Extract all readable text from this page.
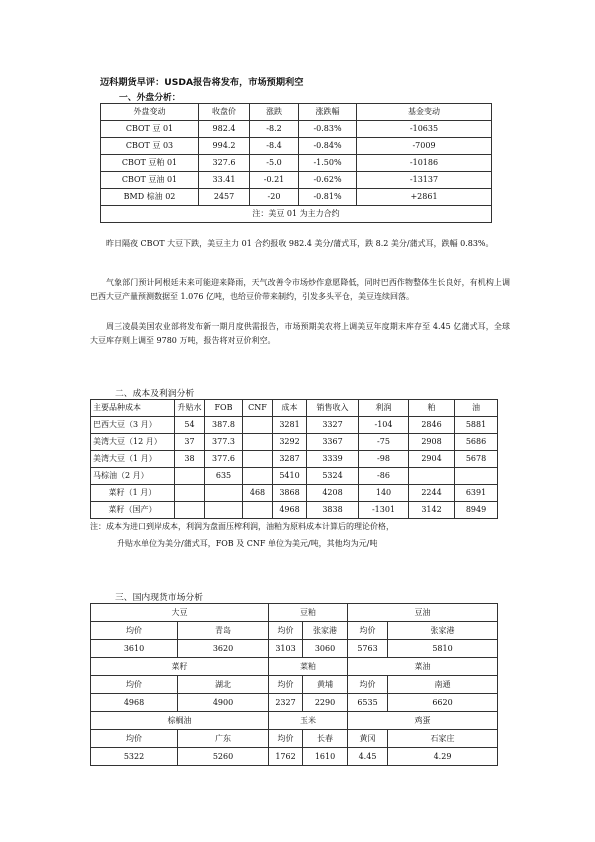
迈科期货早评：USDA报告将发布，市场预期利空
一、外盘分析：
外盘变动	收盘价	涨跌	涨跌幅	基金变动
CBOT 豆 01	982.4	-8.2	-0.83%	-10635
CBOT 豆 03	994.2	-8.4	-0.84%	-7009
CBOT 豆粕 01	327.6	-5.0	-1.50%	-10186
CBOT 豆油 01	33.41	-0.21	-0.62%	-13137
BMD 棕油 02	2457	-20	-0.81%	+2861
注：美豆 01 为主力合约				
昨日隔夜 CBOT 大豆下跌，美豆主力 01 合约报收 982.4 美分/蒲式耳，跌 8.2 美分/蒲式耳，跌幅 0.83%。
气象部门预计阿根廷未来可能迎来降雨，天气改善令市场炒作意愿降低，同时巴西作物整体生长良好，有机构上调巴西大豆产量预测数据至 1.076 亿吨，也给豆价带来制约，引发多头平仓，美豆连续回落。
周三凌晨美国农业部将发布新一期月度供需报告，市场预期美农将上调美豆年度期末库存至 4.45 亿蒲式耳，全球大豆库存则上调至 9780 万吨，报告将对豆价利空。
二、成本及利润分析
主要品种成本	升贴水	FOB	CNF	成本	销售收入	利润	粕	油
巴西大豆（3 月）	54	387.8		3281	3327	-104	2846	5881
美湾大豆（12 月）	37	377.3		3292	3367	-75	2908	5686
美湾大豆（1 月）	38	377.6		3287	3339	-98	2904	5678
马棕油（2 月）		635		5410	5324	-86		
菜籽（1 月）			468	3868	4208	140	2244	6391
菜籽（国产）				4968	3838	-1301	3142	8949
注：成本为进口到岸成本，利润为盘面压榨利润，油粕为原料成本计算后的理论价格，
升贴水单位为美分/蒲式耳，FOB 及 CNF 单位为美元/吨，其他均为元/吨
三、国内现货市场分析
大豆		豆粕		豆油	
均价	青岛	均价	张家港	均价	张家港
3610	3620	3103	3060	5763	5810
菜籽		菜粕		菜油	
均价	湖北	均价	黄埔	均价	南通
4968	4900	2327	2290	6535	6620
棕榈油		玉米		鸡蛋	
均价	广东	均价	长春	黄冈	石家庄
5322	5260	1762	1610	4.45	4.29
